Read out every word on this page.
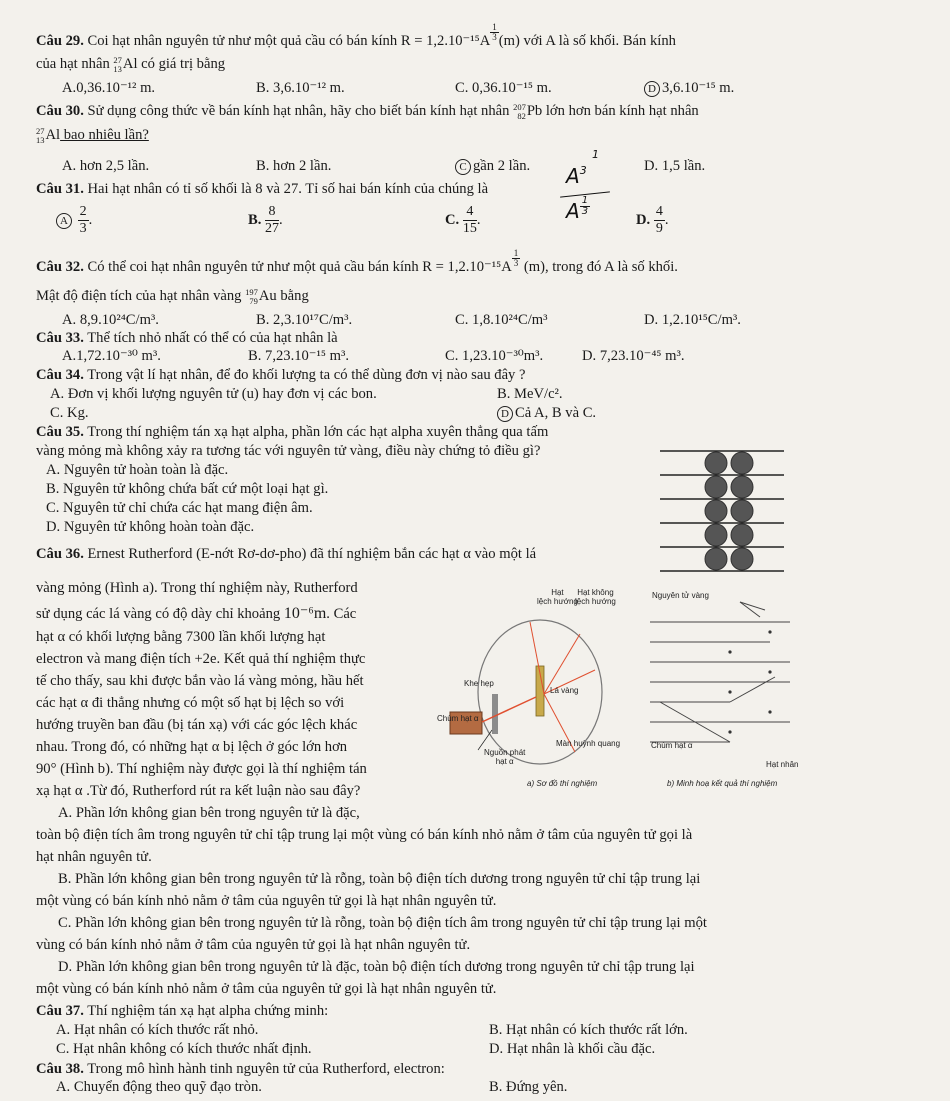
Câu 29. Coi hạt nhân nguyên tử như một quả cầu có bán kính $R = 1,2.10^{-15}A \frac{1}{3} (m)$ với A là số khối. Bán kính
của hạt nhân 27
13 Al có giá trị bằng
A.0,36.10⁻¹² m.	B. 3,6.10⁻¹² m.	C. 0,36.10⁻¹⁵ m.	D 3,6.10⁻¹⁵ m.
Câu 30. Sử dụng công thức về bán kính hạt nhân, hãy cho biết bán kính hạt nhân 207
82 Pb lớn hơn bán kính hạt nhân
27
13 Al bao nhiêu lần?
A. hơn 2,5 lần.	B. hơn 2 lần.	C gần 2 lần.	D. 1,5 lần.
Câu 31. Hai hạt nhân có tỉ số khối là 8 và 27. Tỉ số hai bán kính của chúng là
A $\frac{2}{3}$ .	B. $\frac{8}{27}$ .	C. $\frac{4}{15}$ .	D. $\frac{4}{9}$ .
1
$A^3$
A $\frac{1}{3}$
Câu 32. Có thể coi hạt nhân nguyên tử như một quả cầu bán kính $R = 1,2.10^{-15}A \frac{1}{3} (m)$, trong đó A là số khối.
Mật độ điện tích của hạt nhân vàng 197
79 Au bằng
A. 8,9.10²⁴C/m³.	B. 2,3.10¹⁷C/m³.	C. 1,8.10²⁴C/m³	D. 1,2.10¹⁵C/m³.
Câu 33. Thể tích nhỏ nhất có thể có của hạt nhân là
A.1,72.10⁻³⁰ m³.	B. 7,23.10⁻¹⁵ m³.	C. 1,23.10⁻³⁰m³.	D. 7,23.10⁻⁴⁵ m³.
Câu 34. Trong vật lí hạt nhân, để đo khối lượng ta có thể dùng đơn vị nào sau đây ?
A. Đơn vị khối lượng nguyên tử (u) hay đơn vị các bon.	B. MeV/c².
C. Kg.	D Cả A, B và C.
Câu 35. Trong thí nghiệm tán xạ hạt alpha, phần lớn các hạt alpha xuyên thẳng qua tấm
vàng mỏng mà không xảy ra tương tác với nguyên tử vàng, điều này chứng tỏ điều gì?
A. Nguyên tử hoàn toàn là đặc.
B. Nguyên tử không chứa bất cứ một loại hạt gì.
C. Nguyên tử chỉ chứa các hạt mang điện âm.
D. Nguyên tử không hoàn toàn đặc.
Câu 36. Ernest Rutherford (E-nớt Rơ-dơ-pho) đã thí nghiệm bắn các hạt α vào một lá
vàng mỏng (Hình a). Trong thí nghiệm này, Rutherford
sử dụng các lá vàng có độ dày chỉ khoảng 10⁻⁶m. Các
hạt α có khối lượng bằng 7300 lần khối lượng hạt
electron và mang điện tích +2e. Kết quả thí nghiệm thực
tế cho thấy, sau khi được bắn vào lá vàng mỏng, hầu hết
các hạt α đi thẳng nhưng có một số hạt bị lệch so với
hướng truyền ban đầu (bị tán xạ) với các góc lệch khác
nhau. Trong đó, có những hạt α bị lệch ở góc lớn hơn
90° (Hình b). Thí nghiệm này được gọi là thí nghiệm tán
xạ hạt α .Từ đó, Rutherford rút ra kết luận nào sau đây?
A. Phần lớn không gian bên trong nguyên tử là đặc,
toàn bộ điện tích âm trong nguyên tử chỉ tập trung lại một vùng có bán kính nhỏ nằm ở tâm của nguyên tử gọi là
hạt nhân nguyên tử.
B. Phần lớn không gian bên trong nguyên tử là rỗng, toàn bộ điện tích dương trong nguyên tử chỉ tập trung lại
một vùng có bán kính nhỏ nằm ở tâm của nguyên tử gọi là hạt nhân nguyên tử.
C. Phần lớn không gian bên trong nguyên tử là rỗng, toàn bộ điện tích âm trong nguyên tử chỉ tập trung lại một
vùng có bán kính nhỏ nằm ở tâm của nguyên tử gọi là hạt nhân nguyên tử.
D. Phần lớn không gian bên trong nguyên tử là đặc, toàn bộ điện tích dương trong nguyên tử chỉ tập trung lại
một vùng có bán kính nhỏ nằm ở tâm của nguyên tử gọi là hạt nhân nguyên tử.
Hạt
lệch hướng
Hạt không
lệch hướng
Nguyên tử vàng
Khe hẹp
Lá vàng
Chùm hạt α
Màn huỳnh quang
Nguồn phát
hạt α
Chùm hạt α
Hạt nhân
a) Sơ đồ thí nghiệm	b) Minh hoạ kết quả thí nghiệm
Câu 37. Thí nghiệm tán xạ hạt alpha chứng minh:
A. Hạt nhân có kích thước rất nhỏ.	B. Hạt nhân có kích thước rất lớn.
C. Hạt nhân không có kích thước nhất định.	D. Hạt nhân là khối cầu đặc.
Câu 38. Trong mô hình hành tinh nguyên tử của Rutherford, electron:
A. Chuyển động theo quỹ đạo tròn.	B. Đứng yên.
